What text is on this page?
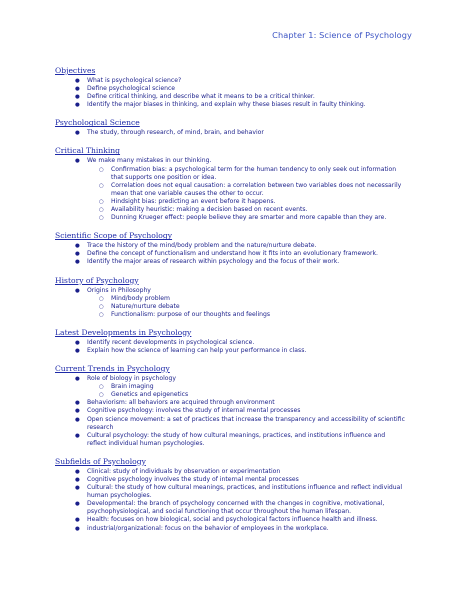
Chapter 1: Science of Psychology
Objectives
● What is psychological science?
● Define psychological science
● Define critical thinking, and describe what it means to be a critical thinker.
● Identify the major biases in thinking, and explain why these biases result in faulty thinking.
Psychological Science
● The study, through research, of mind, brain, and behavior
Critical Thinking
● We make many mistakes in our thinking.
○ Confirmation bias: a psychological term for the human tendency to only seek out information
that supports one position or idea.
○ Correlation does not equal causation: a correlation between two variables does not necessarily
mean that one variable causes the other to occur.
○ Hindsight bias: predicting an event before it happens.
○ Availability heuristic: making a decision based on recent events.
○ Dunning Krueger effect: people believe they are smarter and more capable than they are.
Scientific Scope of Psychology
● Trace the history of the mind/body problem and the nature/nurture debate.
● Define the concept of functionalism and understand how it fits into an evolutionary framework.
● Identify the major areas of research within psychology and the focus of their work.
History of Psychology
● Origins in Philosophy
○ Mind/body problem
○ Nature/nurture debate
○ Functionalism: purpose of our thoughts and feelings
Latest Developments in Psychology
● Identify recent developments in psychological science.
● Explain how the science of learning can help your performance in class.
Current Trends in Psychology
● Role of biology in psychology
○ Brain imaging
○ Genetics and epigenetics
● Behaviorism: all behaviors are acquired through environment
● Cognitive psychology: involves the study of internal mental processes
● Open science movement: a set of practices that increase the transparency and accessibility of scientific
research
● Cultural psychology: the study of how cultural meanings, practices, and institutions influence and
reflect individual human psychologies.
Subfields of Psychology
● Clinical: study of individuals by observation or experimentation
● Cognitive psychology involves the study of internal mental processes
● Cultural: the study of how cultural meanings, practices, and institutions influence and reflect individual
human psychologies.
● Developmental: the branch of psychology concerned with the changes in cognitive, motivational,
psychophysiological, and social functioning that occur throughout the human lifespan.
● Health: focuses on how biological, social and psychological factors influence health and illness.
● industrial/organizational: focus on the behavior of employees in the workplace.
